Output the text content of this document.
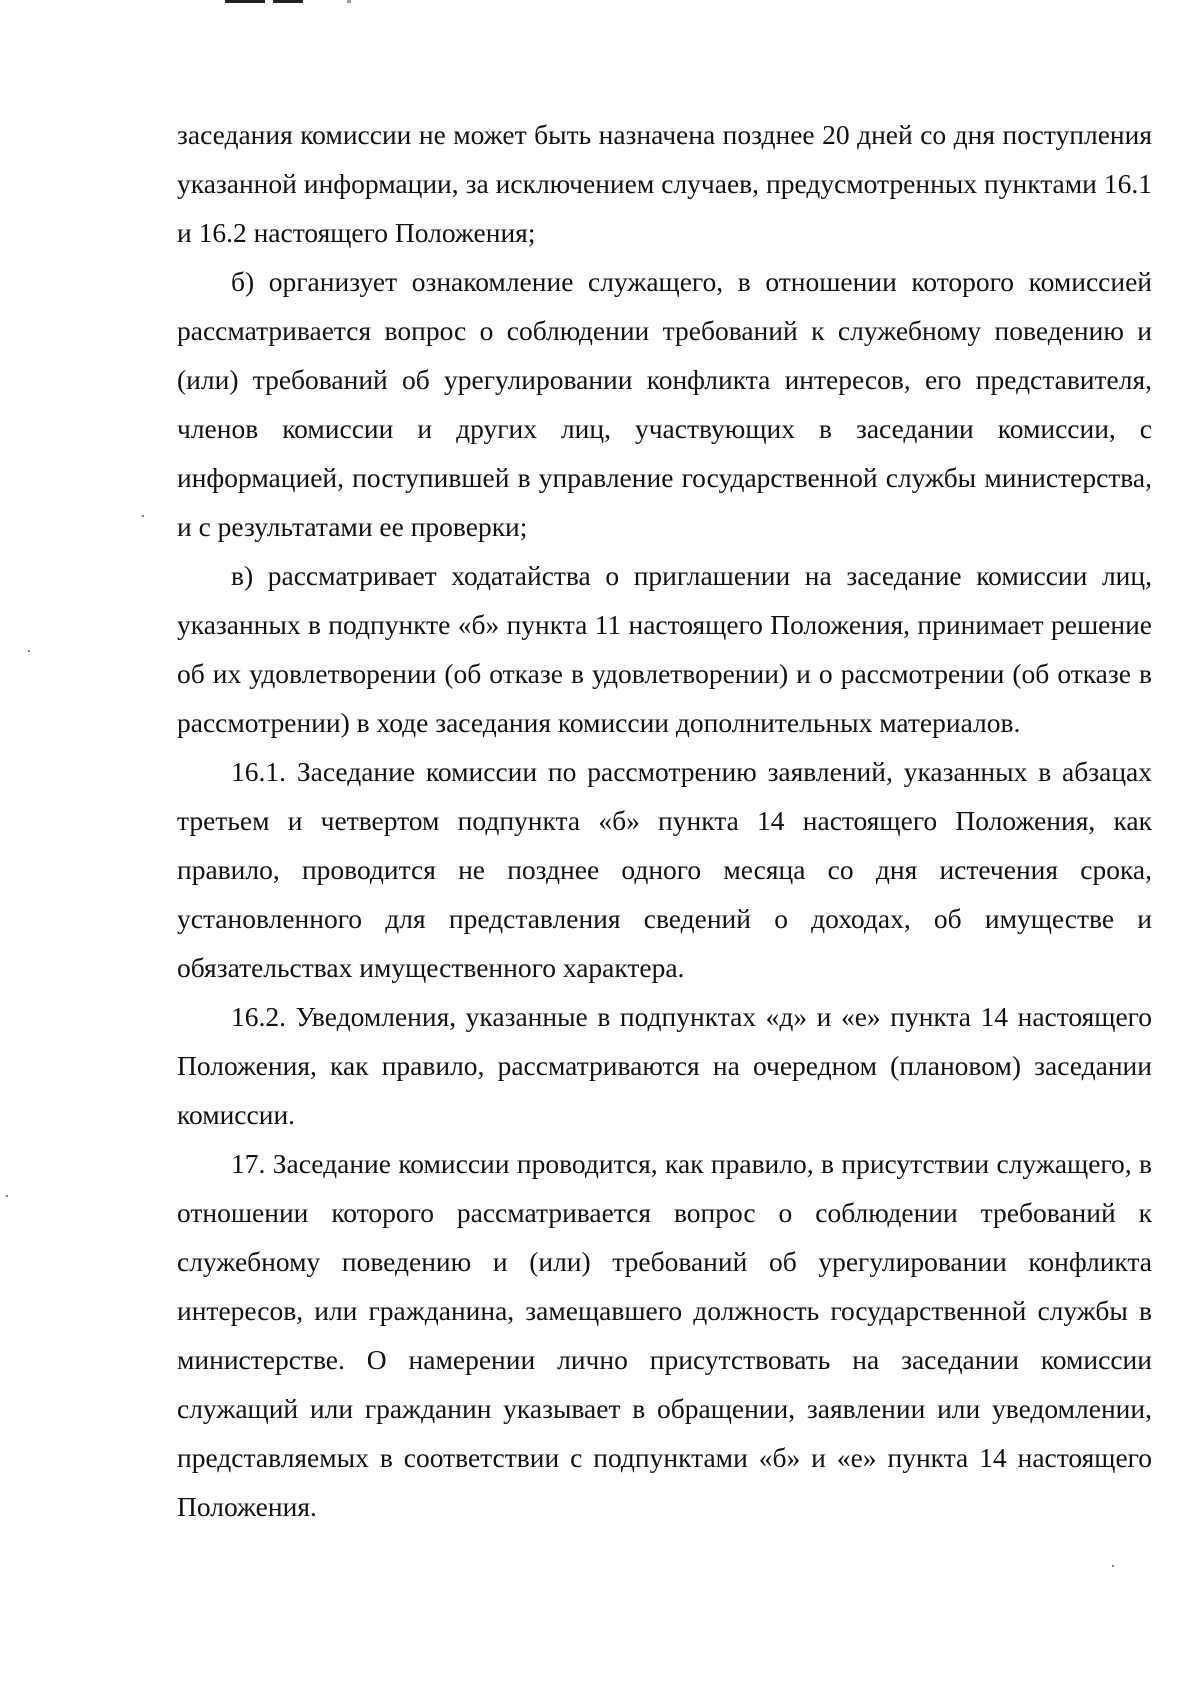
заседания комиссии не может быть назначена позднее 20 дней со дня поступления указанной информации, за исключением случаев, предусмотренных пунктами 16.1 и 16.2 настоящего Положения;

б) организует ознакомление служащего, в отношении которого комиссией рассматривается вопрос о соблюдении требований к служебному поведению и (или) требований об урегулировании конфликта интересов, его представителя, членов комиссии и других лиц, участвующих в заседании комиссии, с информацией, поступившей в управление государственной службы министерства, и с результатами ее проверки;

в) рассматривает ходатайства о приглашении на заседание комиссии лиц, указанных в подпункте «б» пункта 11 настоящего Положения, принимает решение об их удовлетворении (об отказе в удовлетворении) и о рассмотрении (об отказе в рассмотрении) в ходе заседания комиссии дополнительных материалов.

16.1. Заседание комиссии по рассмотрению заявлений, указанных в абзацах третьем и четвертом подпункта «б» пункта 14 настоящего Положения, как правило, проводится не позднее одного месяца со дня истечения срока, установленного для представления сведений о доходах, об имуществе и обязательствах имущественного характера.

16.2. Уведомления, указанные в подпунктах «д» и «е» пункта 14 настоящего Положения, как правило, рассматриваются на очередном (плановом) заседании комиссии.

17. Заседание комиссии проводится, как правило, в присутствии служащего, в отношении которого рассматривается вопрос о соблюдении требований к служебному поведению и (или) требований об урегулировании конфликта интересов, или гражданина, замещавшего должность государственной службы в министерстве. О намерении лично присутствовать на заседании комиссии служащий или гражданин указывает в обращении, заявлении или уведомлении, представляемых в соответствии с подпунктами «б» и «е» пункта 14 настоящего Положения.
